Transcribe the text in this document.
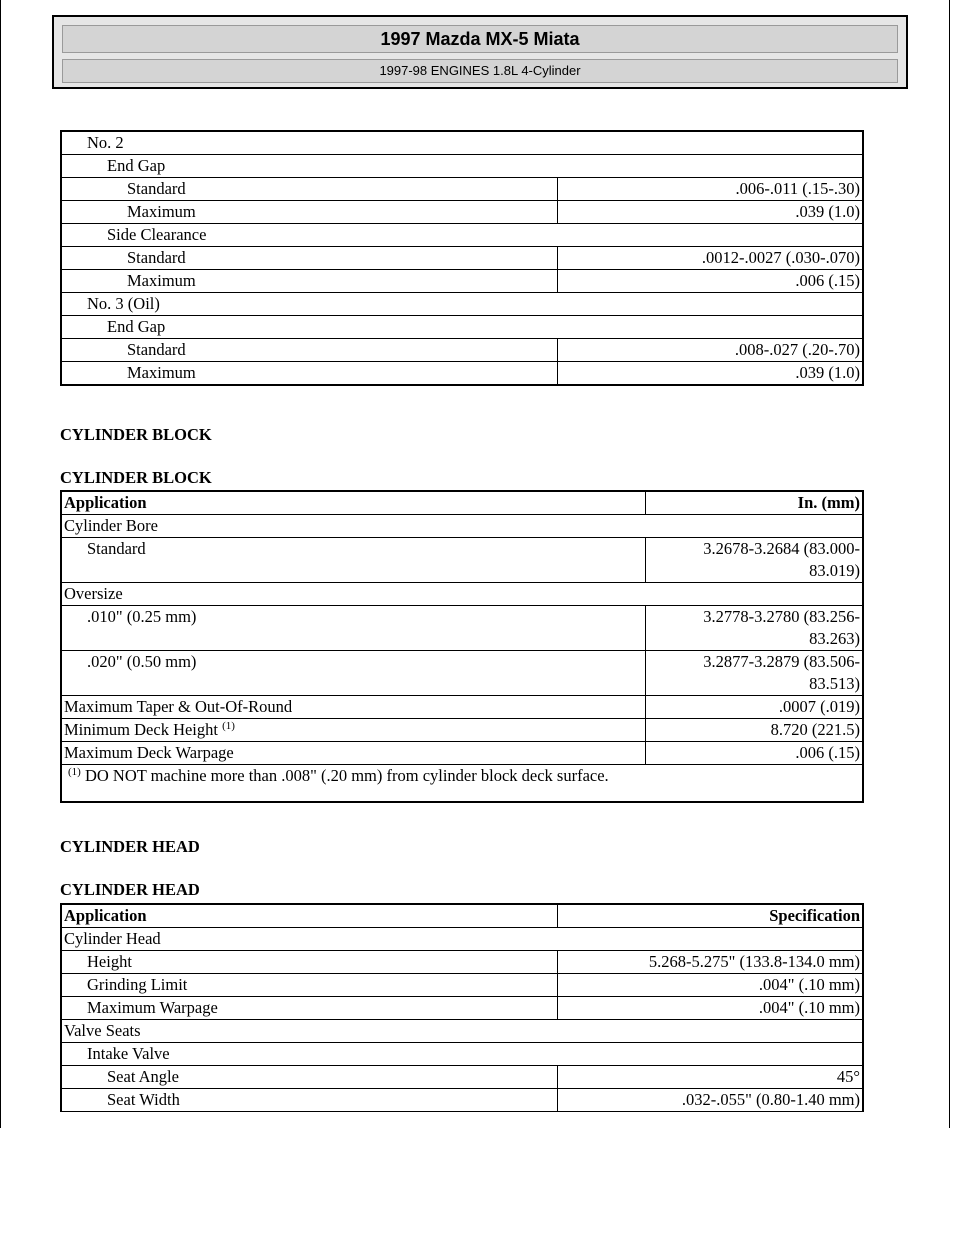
1997 Mazda MX-5 Miata
1997-98 ENGINES 1.8L 4-Cylinder
No. 2	
End Gap	
Standard	.006-.011 (.15-.30)
Maximum	.039 (1.0)
Side Clearance	
Standard	.0012-.0027 (.030-.070)
Maximum	.006 (.15)
No. 3 (Oil)	
End Gap	
Standard	.008-.027 (.20-.70)
Maximum	.039 (1.0)
CYLINDER BLOCK
CYLINDER BLOCK
Application	In. (mm)
Cylinder Bore	
Standard	3.2678-3.2684 (83.000-
83.019)
Oversize	
.010" (0.25 mm)	3.2778-3.2780 (83.256-
83.263)
.020" (0.50 mm)	3.2877-3.2879 (83.506-
83.513)
Maximum Taper & Out-Of-Round	.0007 (.019)
Minimum Deck Height $^{(1)}$	8.720 (221.5)
Maximum Deck Warpage	.006 (.15)
$^{(1)}$ DO NOT machine more than .008" (.20 mm) from cylinder block deck surface.	
CYLINDER HEAD
CYLINDER HEAD
Application	Specification
Cylinder Head	
Height	5.268-5.275" (133.8-134.0 mm)
Grinding Limit	.004" (.10 mm)
Maximum Warpage	.004" (.10 mm)
Valve Seats	
Intake Valve	
Seat Angle	45°
Seat Width	.032-.055" (0.80-1.40 mm)
